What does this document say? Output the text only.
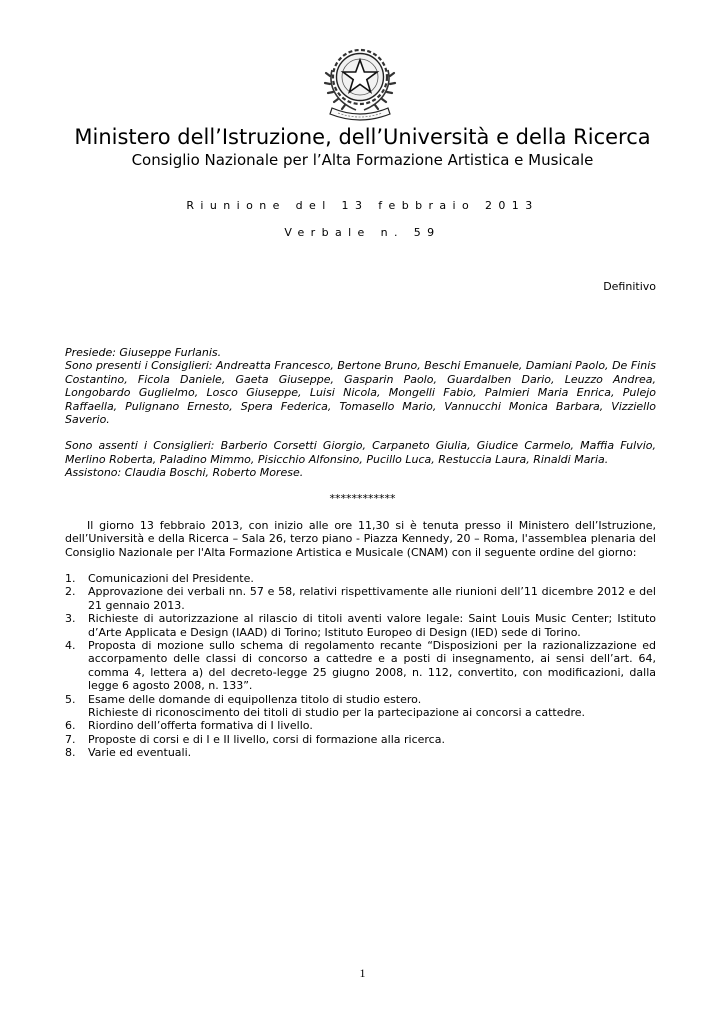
Ministero dell’Istruzione, dell’Università e della Ricerca
Consiglio Nazionale per l’Alta Formazione Artistica e Musicale
Riunione del 13 febbraio 2013
Verbale n. 59
Definitivo

Presiede: Giuseppe Furlanis.

Sono presenti i Consiglieri: Andreatta Francesco, Bertone Bruno, Beschi Emanuele, Damiani Paolo, De Finis Costantino, Ficola Daniele, Gaeta Giuseppe, Gasparin Paolo, Guardalben Dario, Leuzzo Andrea, Longobardo Guglielmo, Losco Giuseppe, Luisi Nicola, Mongelli Fabio, Palmieri Maria Enrica, Pulejo Raffaella, Pulignano Ernesto, Spera Federica, Tomasello Mario, Vannucchi Monica Barbara, Vizziello Saverio.

Sono assenti i Consiglieri: Barberio Corsetti Giorgio, Carpaneto Giulia, Giudice Carmelo, Maffia Fulvio, Merlino Roberta, Paladino Mimmo, Pisicchio Alfonsino, Pucillo Luca, Restuccia Laura, Rinaldi Maria.

Assistono: Claudia Boschi, Roberto Morese.

************

Il giorno 13 febbraio 2013, con inizio alle ore 11,30 si è tenuta presso il Ministero dell’Istruzione, dell’Università e della Ricerca – Sala 26, terzo piano - Piazza Kennedy, 20 – Roma, l'assemblea plenaria del Consiglio Nazionale per l'Alta Formazione Artistica e Musicale (CNAM) con il seguente ordine del giorno:

1. Comunicazioni del Presidente.
2. Approvazione dei verbali nn. 57 e 58, relativi rispettivamente alle riunioni dell’11 dicembre 2012 e del 21 gennaio 2013.
3. Richieste di autorizzazione al rilascio di titoli aventi valore legale: Saint Louis Music Center; Istituto d’Arte Applicata e Design (IAAD) di Torino; Istituto Europeo di Design (IED) sede di Torino.
4. Proposta di mozione sullo schema di regolamento recante “Disposizioni per la razionalizzazione ed accorpamento delle classi di concorso a cattedre e a posti di insegnamento, ai sensi dell’art. 64, comma 4, lettera a) del decreto-legge 25 giugno 2008, n. 112, convertito, con modificazioni, dalla legge 6 agosto 2008, n. 133”.
5. Esame delle domande di equipollenza titolo di studio estero.
Richieste di riconoscimento dei titoli di studio per la partecipazione ai concorsi a cattedre.
6. Riordino dell’offerta formativa di I livello.
7. Proposte di corsi e di I e II livello, corsi di formazione alla ricerca.
8. Varie ed eventuali.
1
